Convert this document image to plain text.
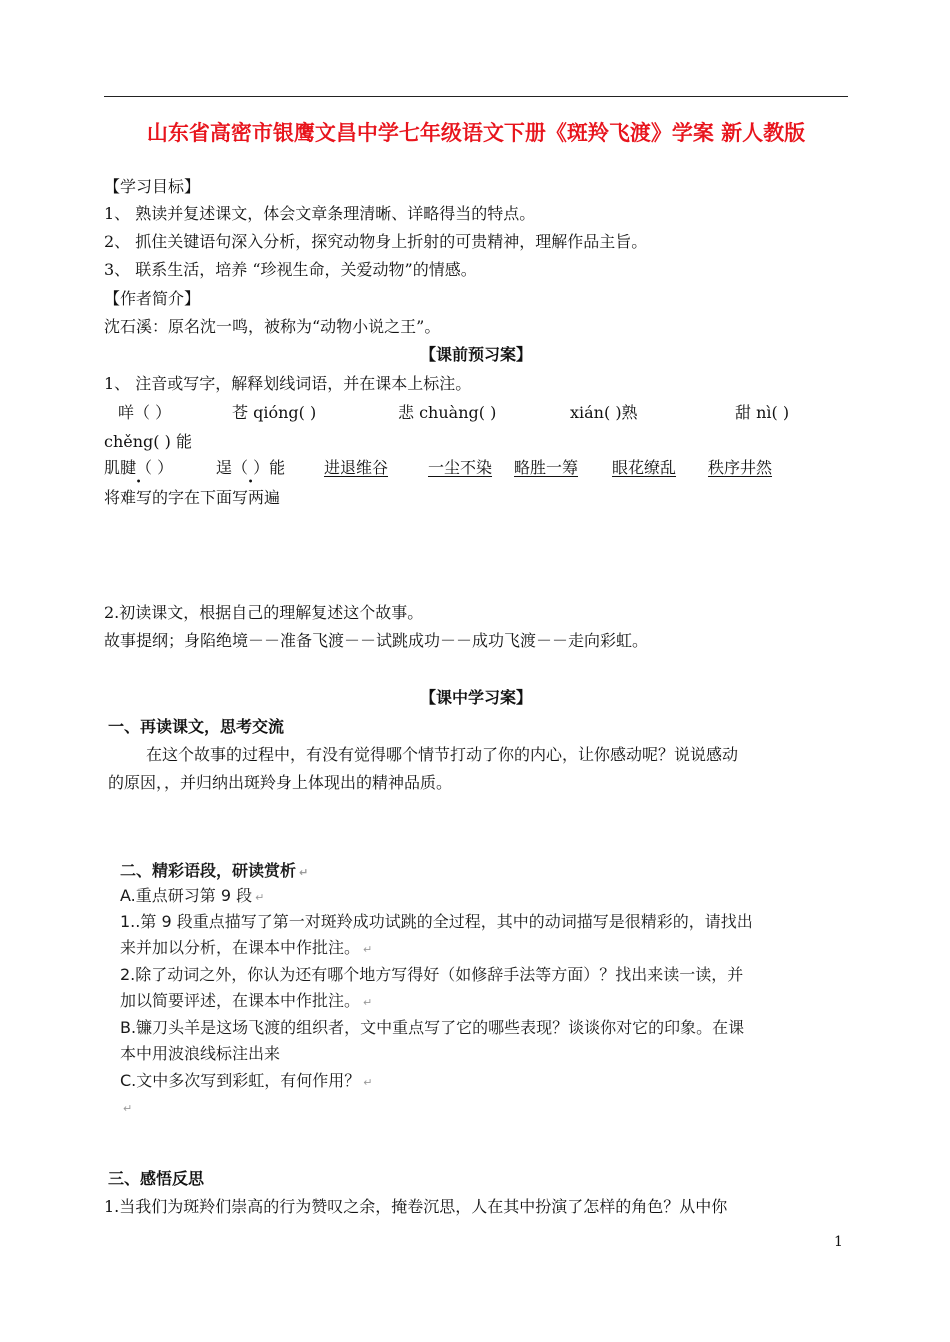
山东省高密市银鹰文昌中学七年级语文下册《斑羚飞渡》学案 新人教版
【学习目标】
1、 熟读并复述课文，体会文章条理清晰、详略得当的特点。
2、 抓住关键语句深入分析，探究动物身上折射的可贵精神，理解作品主旨。
3、 联系生活，培养 “珍视生命，关爱动物”的情感。
【作者简介】
沈石溪：原名沈一鸣，被称为“动物小说之王”。
【课前预习案】
1、 注音或写字，解释划线词语，并在课本上标注。
咩（ ）	苍 qióng( )	悲 chuàng( )	xián( )熟	甜 nì( )
chěng( ) 能
肌腱（ ） •	逞（ ）能 • 进退维谷 一尘不染 略胜一筹 眼花缭乱 秩序井然
将难写的字在下面写两遍
2.初读课文，根据自己的理解复述这个故事。
故事提纲；身陷绝境－－准备飞渡－－试跳成功－－成功飞渡－－走向彩虹。
【课中学习案】
一、再读课文，思考交流
在这个故事的过程中，有没有觉得哪个情节打动了你的内心，让你感动呢？说说感动
的原因，，并归纳出斑羚身上体现出的精神品质。
二、精彩语段，研读赏析 ↵
A.重点研习第 9 段 ↵
1..第 9 段重点描写了第一对斑羚成功试跳的全过程，其中的动词描写是很精彩的，请找出
来并加以分析，在课本中作批注。 ↵
2.除了动词之外，你认为还有哪个地方写得好（如修辞手法等方面）？找出来读一读，并
加以简要评述，在课本中作批注。 ↵
B.镰刀头羊是这场飞渡的组织者，文中重点写了它的哪些表现？谈谈你对它的印象。在课
本中用波浪线标注出来
C.文中多次写到彩虹，有何作用？ ↵
↵
三、感悟反思
1.当我们为斑羚们崇高的行为赞叹之余，掩卷沉思，人在其中扮演了怎样的角色？从中你
1
